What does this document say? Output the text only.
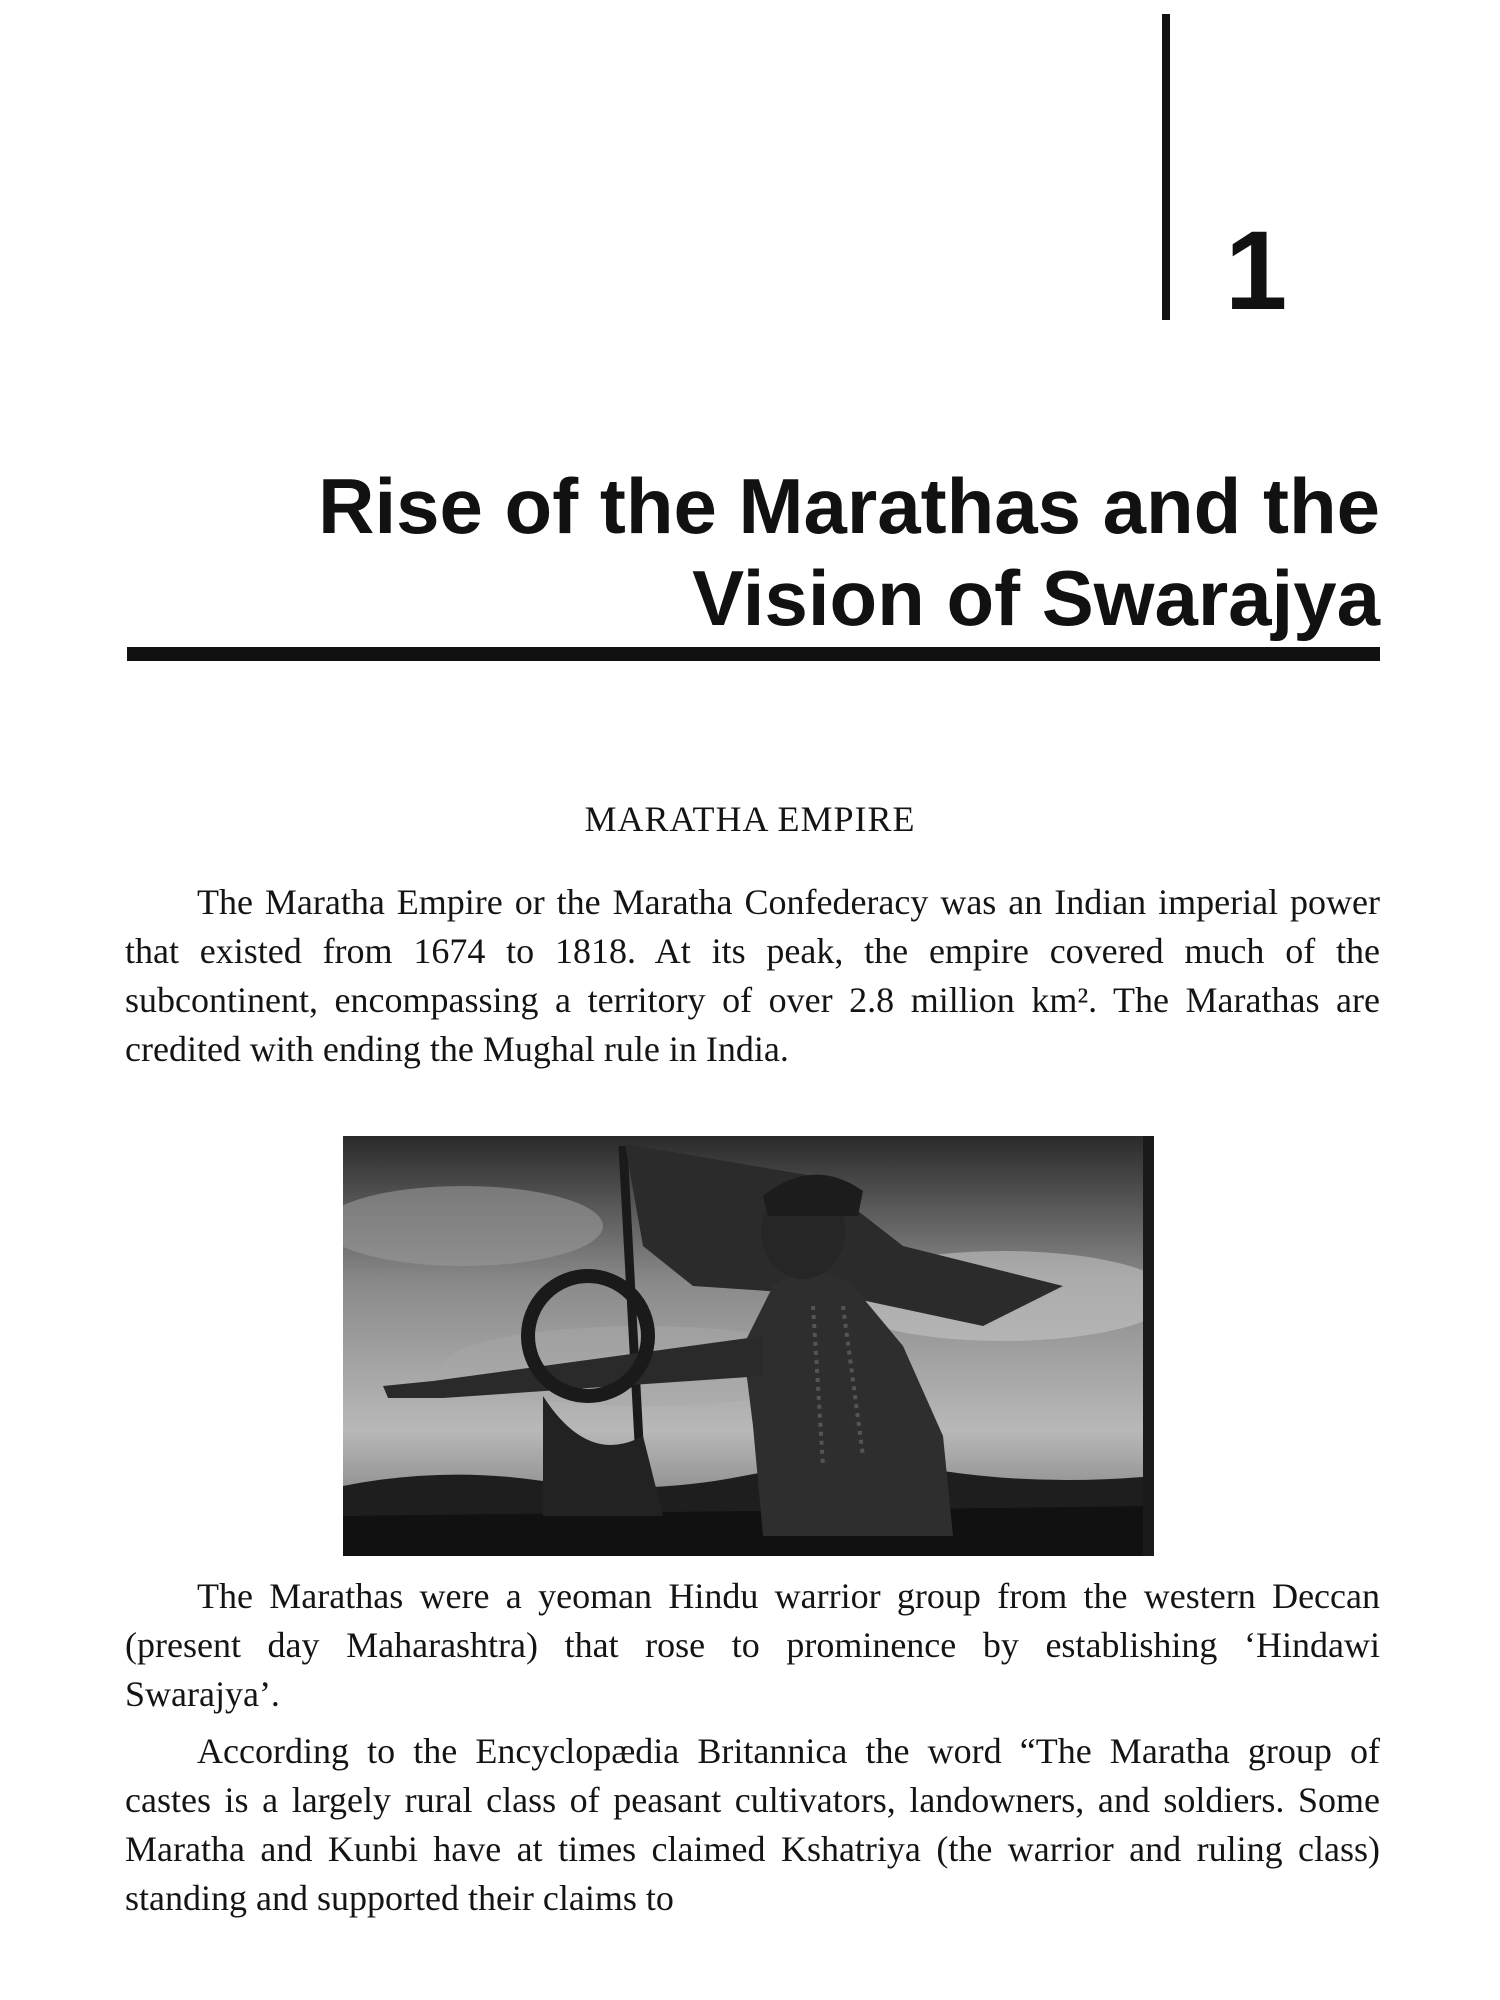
1
Rise of the Marathas and the
Vision of Swarajya
MARATHA EMPIRE

The Maratha Empire or the Maratha Confederacy was an Indian imperial power that existed from 1674 to 1818. At its peak, the empire covered much of the subcontinent, encompassing a territory of over 2.8 million km². The Marathas are credited with ending the Mughal rule in India.

The Marathas were a yeoman Hindu warrior group from the western Deccan (present day Maharashtra) that rose to prominence by establishing ‘Hindawi Swarajya’.

According to the Encyclopædia Britannica the word “The Maratha group of castes is a largely rural class of peasant cultivators, landowners, and soldiers. Some Maratha and Kunbi have at times claimed Kshatriya (the warrior and ruling class) standing and supported their claims to
